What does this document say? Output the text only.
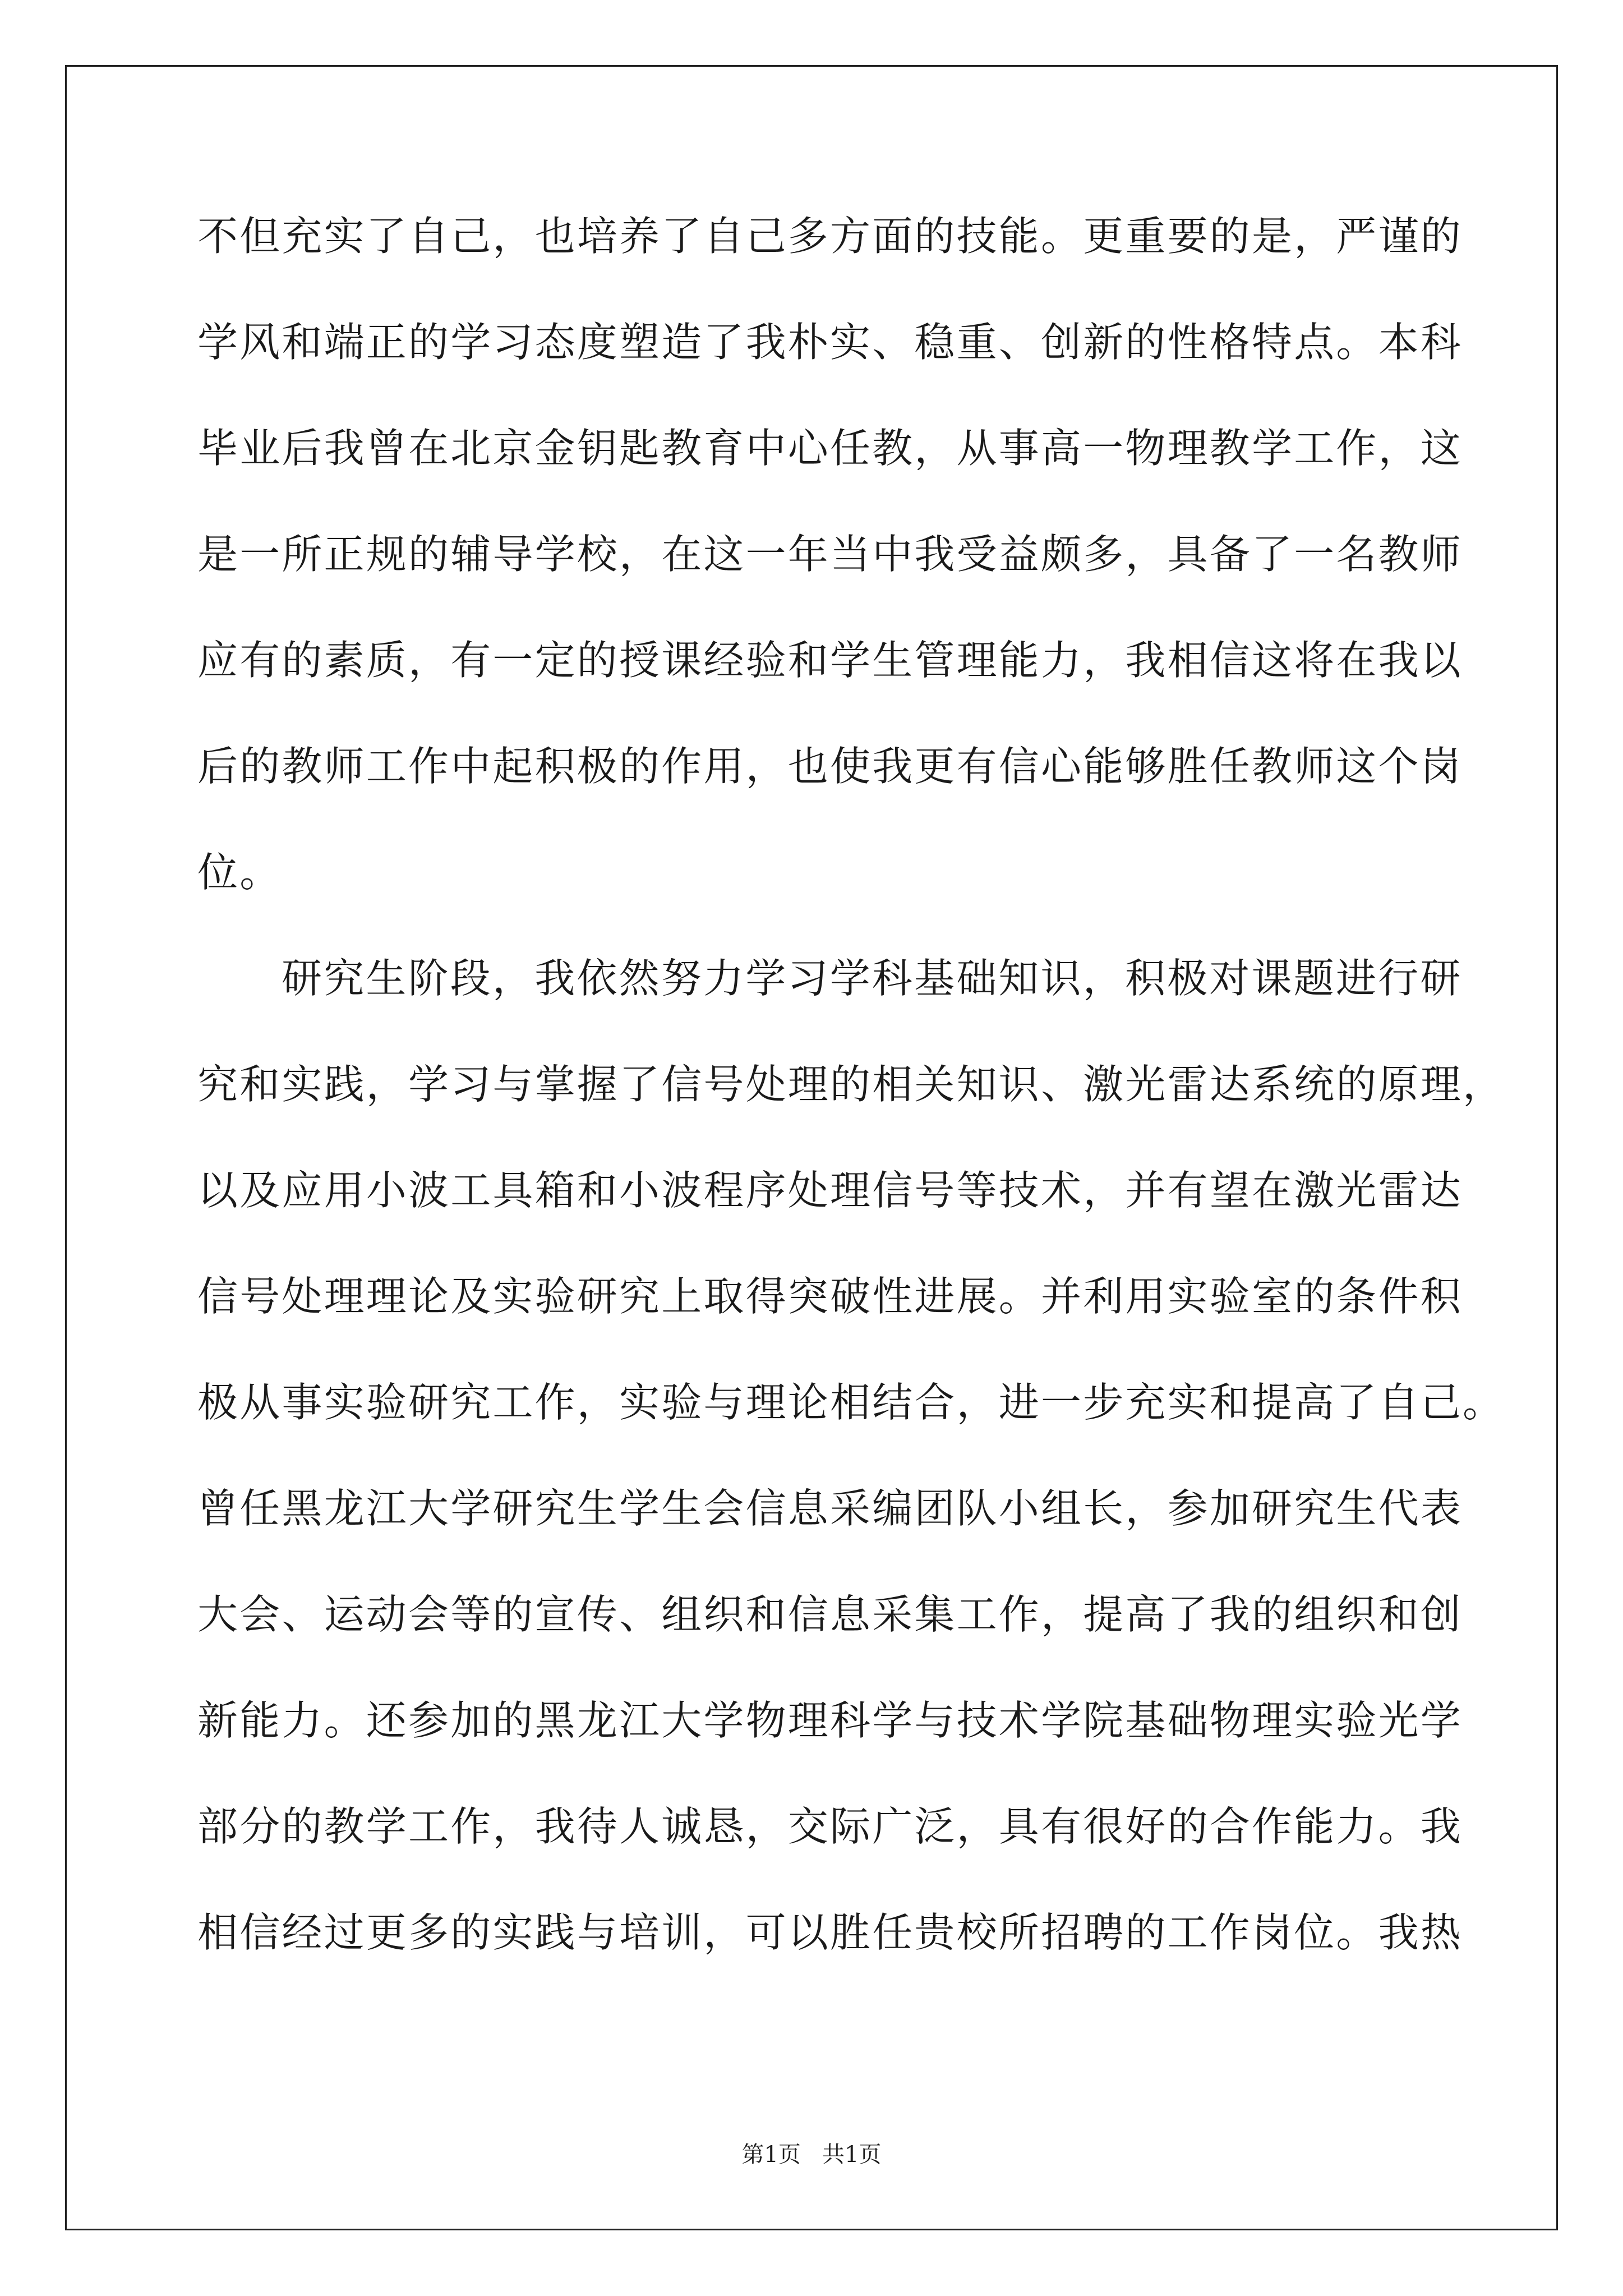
不但充实了自己，也培养了自己多方面的技能。更重要的是，严谨的
学风和端正的学习态度塑造了我朴实、稳重、创新的性格特点。本科
毕业后我曾在北京金钥匙教育中心任教，从事高一物理教学工作，这
是一所正规的辅导学校，在这一年当中我受益颇多，具备了一名教师
应有的素质，有一定的授课经验和学生管理能力，我相信这将在我以
后的教师工作中起积极的作用，也使我更有信心能够胜任教师这个岗
位。
研究生阶段，我依然努力学习学科基础知识，积极对课题进行研
究和实践，学习与掌握了信号处理的相关知识、激光雷达系统的原理，
以及应用小波工具箱和小波程序处理信号等技术，并有望在激光雷达
信号处理理论及实验研究上取得突破性进展。并利用实验室的条件积
极从事实验研究工作，实验与理论相结合，进一步充实和提高了自己。
曾任黑龙江大学研究生学生会信息采编团队小组长，参加研究生代表
大会、运动会等的宣传、组织和信息采集工作，提高了我的组织和创
新能力。还参加的黑龙江大学物理科学与技术学院基础物理实验光学
部分的教学工作，我待人诚恳，交际广泛，具有很好的合作能力。我
相信经过更多的实践与培训，可以胜任贵校所招聘的工作岗位。我热
第1页   共1页
